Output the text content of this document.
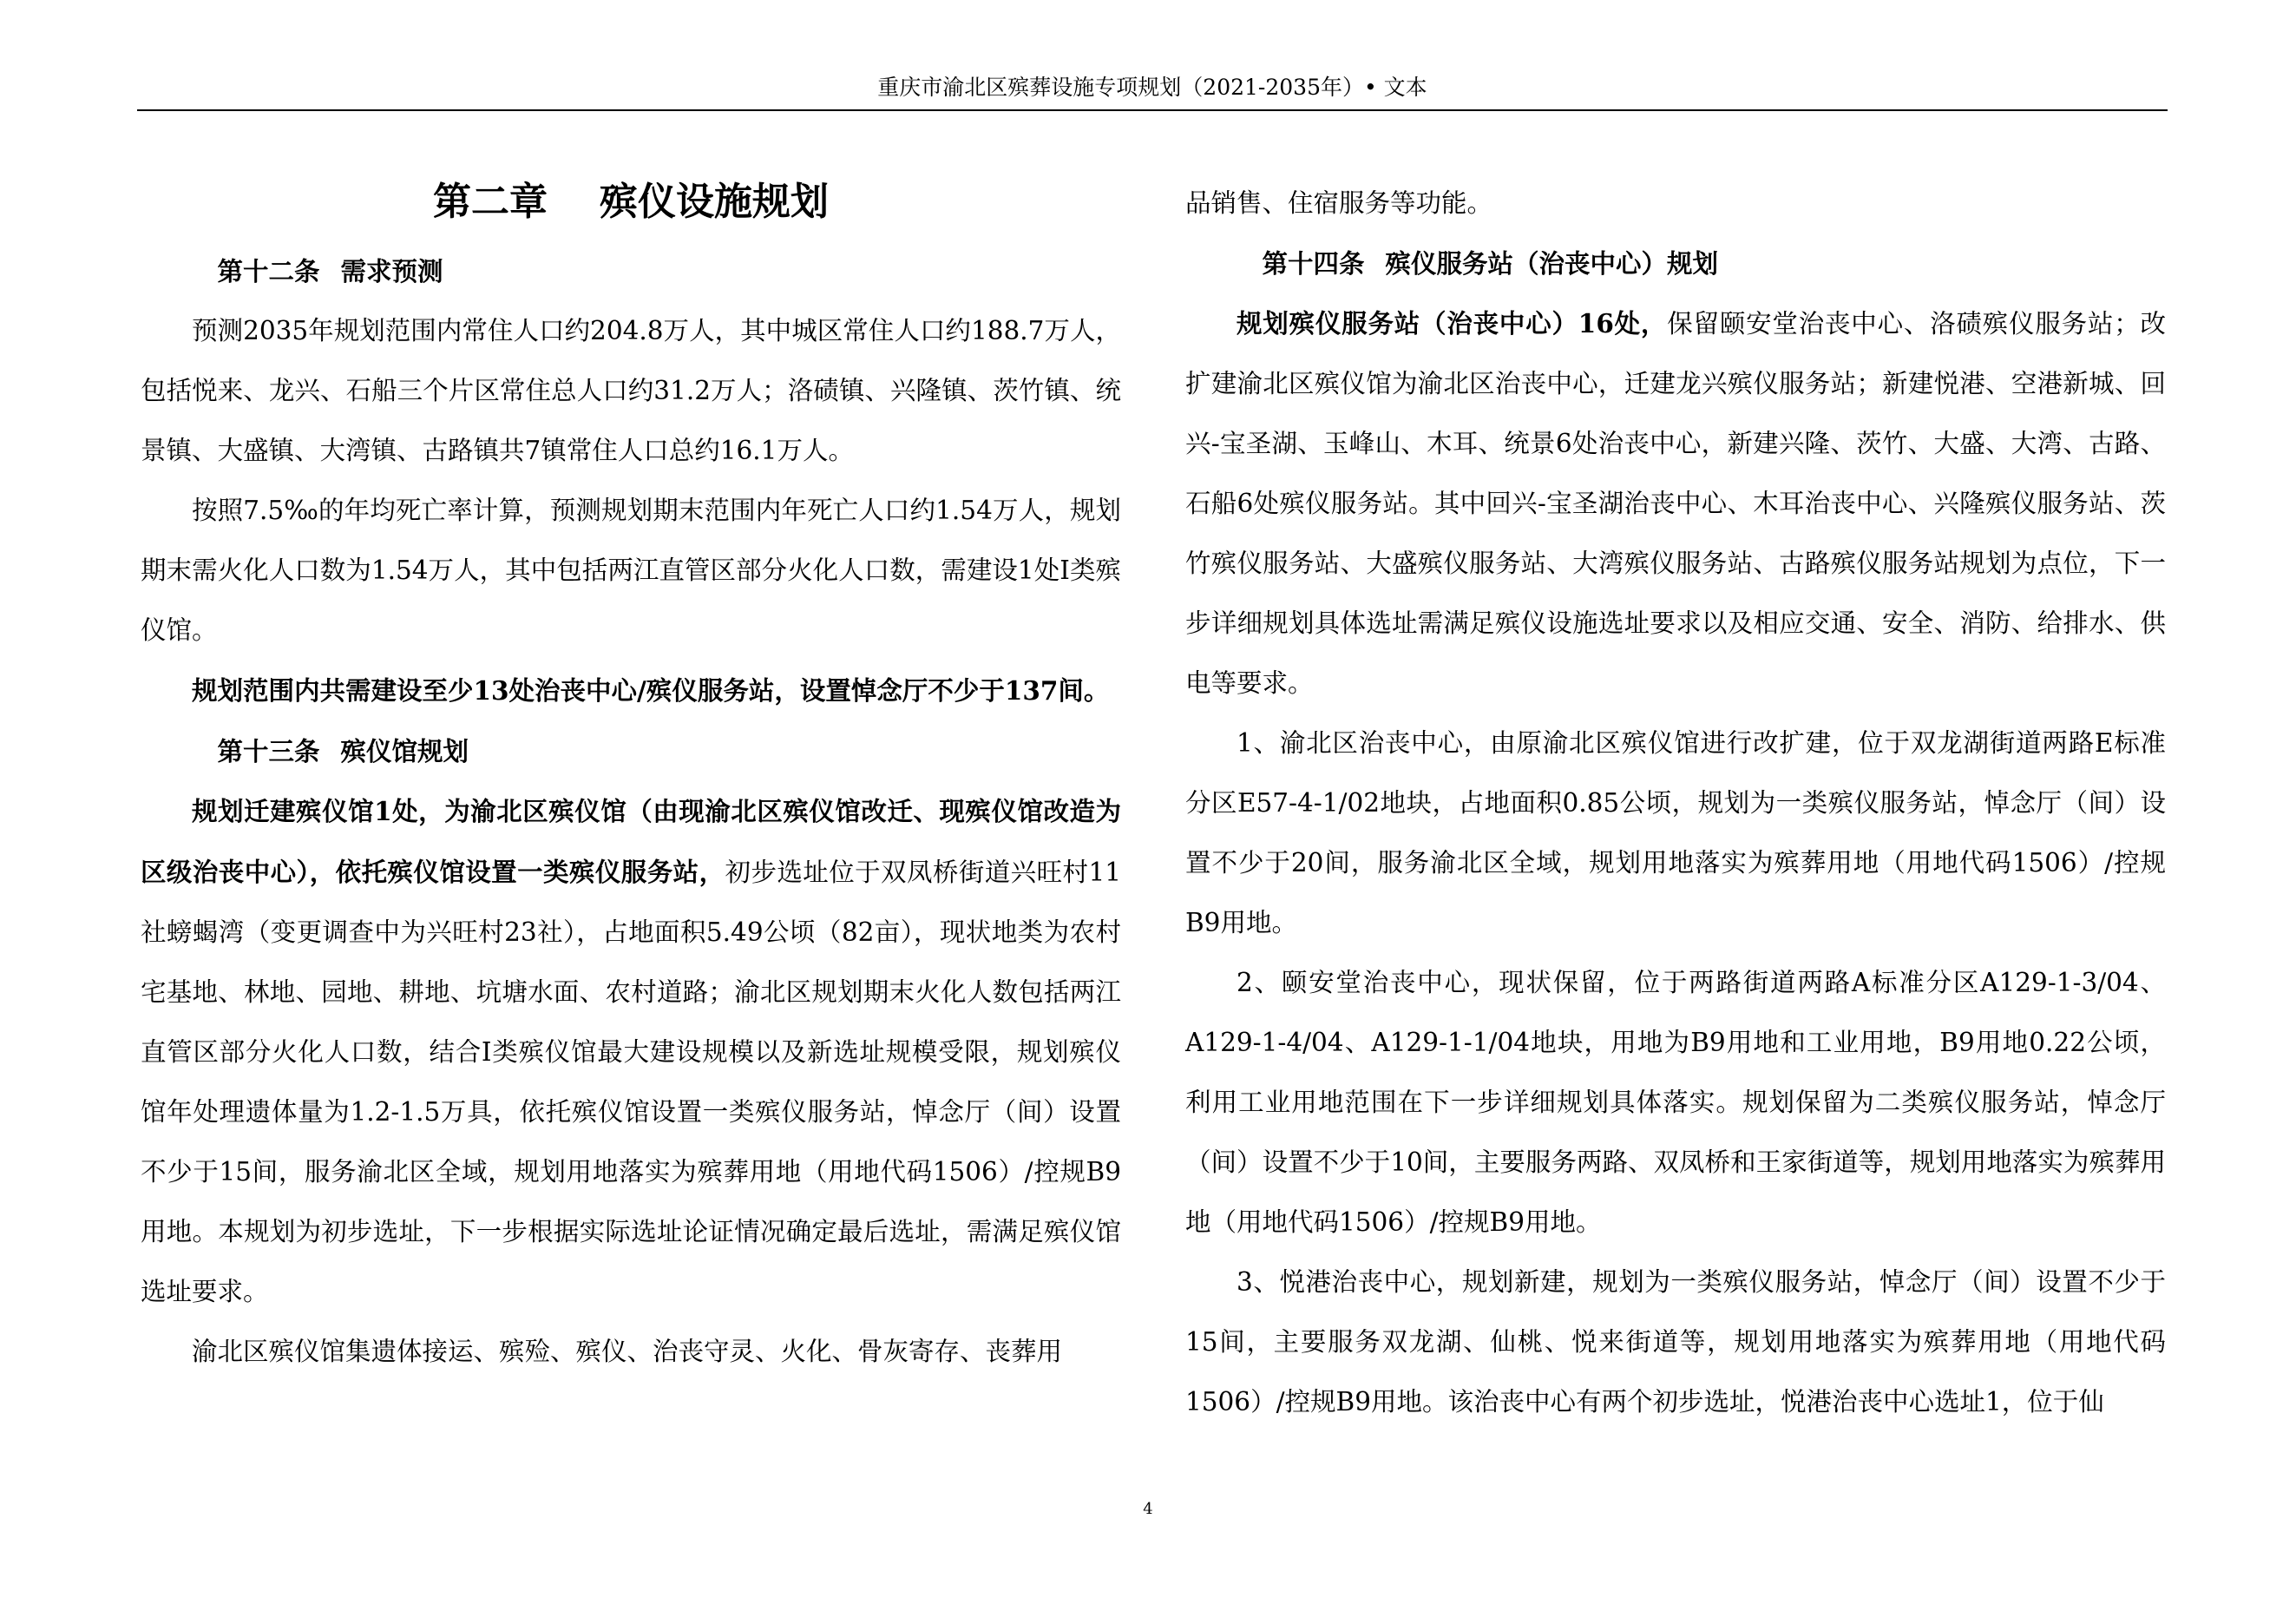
重庆市渝北区殡葬设施专项规划（2021-2035年）• 文本
第二章 殡仪设施规划

第十二条 需求预测

预测2035年规划范围内常住人口约204.8万人，其中城区常住人口约188.7万人，包括悦来、龙兴、石船三个片区常住总人口约31.2万人；洛碛镇、兴隆镇、茨竹镇、统景镇、大盛镇、大湾镇、古路镇共7镇常住人口总约16.1万人。

按照7.5‰的年均死亡率计算，预测规划期末范围内年死亡人口约1.54万人，规划期末需火化人口数为1.54万人，其中包括两江直管区部分火化人口数，需建设1处Ⅰ类殡仪馆。

规划范围内共需建设至少13处治丧中心/殡仪服务站，设置悼念厅不少于137间。

第十三条 殡仪馆规划

规划迁建殡仪馆1处，为渝北区殡仪馆（由现渝北区殡仪馆改迁、现殡仪馆改造为区级治丧中心），依托殡仪馆设置一类殡仪服务站，初步选址位于双凤桥街道兴旺村11社螃蝎湾（变更调查中为兴旺村23社），占地面积5.49公顷（82亩），现状地类为农村宅基地、林地、园地、耕地、坑塘水面、农村道路；渝北区规划期末火化人数包括两江直管区部分火化人口数，结合Ⅰ类殡仪馆最大建设规模以及新选址规模受限，规划殡仪馆年处理遗体量为1.2-1.5万具，依托殡仪馆设置一类殡仪服务站，悼念厅（间）设置不少于15间，服务渝北区全域，规划用地落实为殡葬用地（用地代码1506）/控规B9用地。本规划为初步选址，下一步根据实际选址论证情况确定最后选址，需满足殡仪馆选址要求。

渝北区殡仪馆集遗体接运、殡殓、殡仪、治丧守灵、火化、骨灰寄存、丧葬用

品销售、住宿服务等功能。

第十四条 殡仪服务站（治丧中心）规划

规划殡仪服务站（治丧中心）16处，保留颐安堂治丧中心、洛碛殡仪服务站；改扩建渝北区殡仪馆为渝北区治丧中心，迁建龙兴殡仪服务站；新建悦港、空港新城、回兴-宝圣湖、玉峰山、木耳、统景6处治丧中心，新建兴隆、茨竹、大盛、大湾、古路、石船6处殡仪服务站。其中回兴-宝圣湖治丧中心、木耳治丧中心、兴隆殡仪服务站、茨竹殡仪服务站、大盛殡仪服务站、大湾殡仪服务站、古路殡仪服务站规划为点位，下一步详细规划具体选址需满足殡仪设施选址要求以及相应交通、安全、消防、给排水、供电等要求。

1、渝北区治丧中心，由原渝北区殡仪馆进行改扩建，位于双龙湖街道两路E标准分区E57-4-1/02地块，占地面积0.85公顷，规划为一类殡仪服务站，悼念厅（间）设置不少于20间，服务渝北区全域，规划用地落实为殡葬用地（用地代码1506）/控规B9用地。

2、颐安堂治丧中心，现状保留，位于两路街道两路A标准分区A129-1-3/04、A129-1-4/04、A129-1-1/04地块，用地为B9用地和工业用地，B9用地0.22公顷，利用工业用地范围在下一步详细规划具体落实。规划保留为二类殡仪服务站，悼念厅（间）设置不少于10间，主要服务两路、双凤桥和王家街道等，规划用地落实为殡葬用地（用地代码1506）/控规B9用地。

3、悦港治丧中心，规划新建，规划为一类殡仪服务站，悼念厅（间）设置不少于15间，主要服务双龙湖、仙桃、悦来街道等，规划用地落实为殡葬用地（用地代码1506）/控规B9用地。该治丧中心有两个初步选址，悦港治丧中心选址1，位于仙

4
